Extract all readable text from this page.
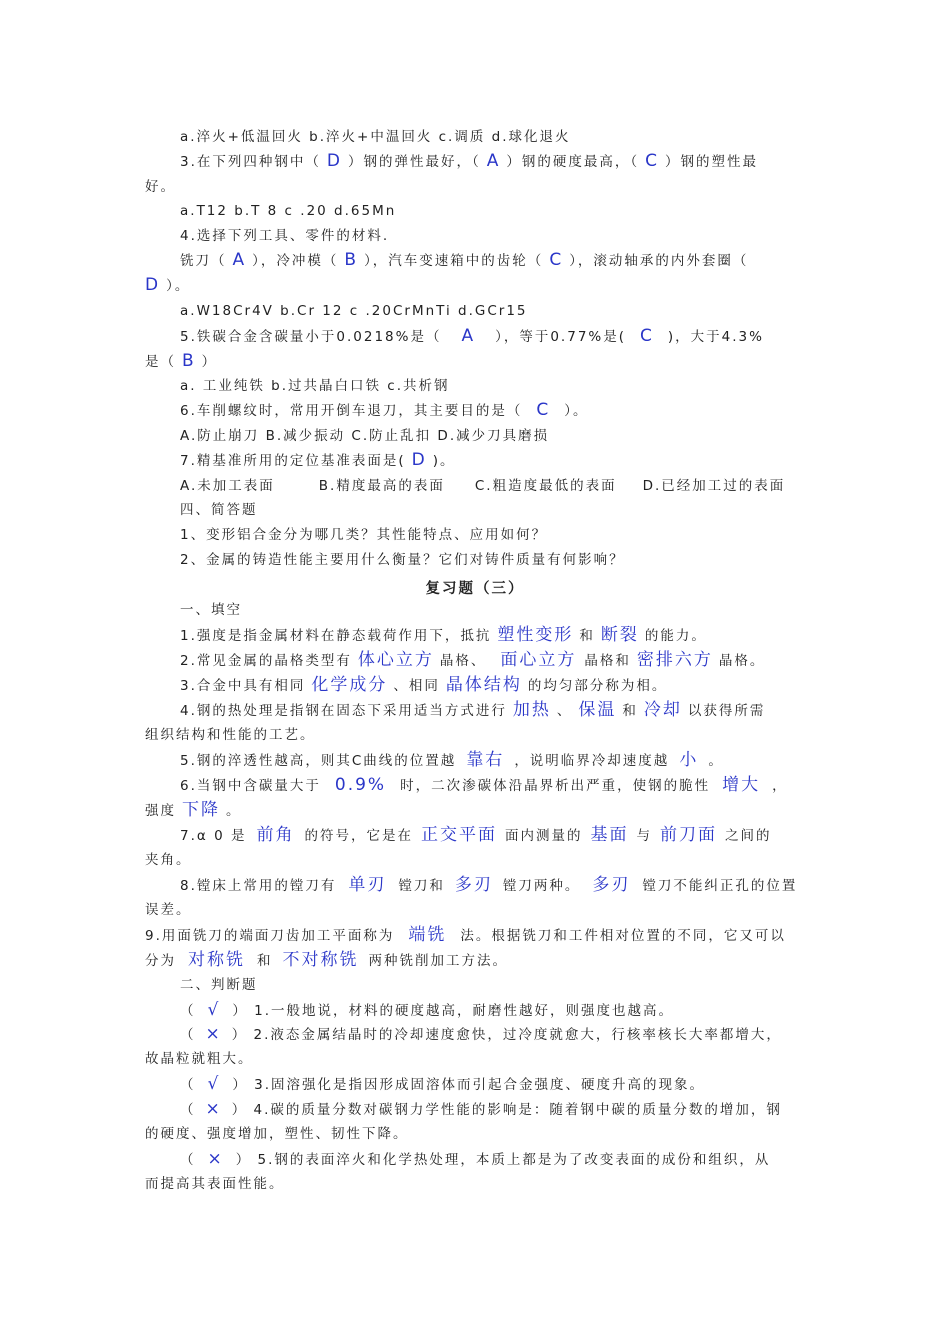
a.淬火+低温回火 b.淬火+中温回火 c.调质 d.球化退火
3.在下列四种钢中（ D ）钢的弹性最好，（ A ）钢的硬度最高，（ C ）钢的塑性最
好。
a.T12 b.T 8 c .20 d.65Mn
4.选择下列工具、零件的材料.
铣刀（ A ），冷冲模（ B ），汽车变速箱中的齿轮（ C ），滚动轴承的内外套圈（
D ）。
a.W18Cr4V b.Cr 12 c .20CrMnTi d.GCr15
5.铁碳合金含碳量小于0.0218%是（ A ），等于0.77%是( C )，大于4.3%
是（ B ）
a. 工业纯铁 b.过共晶白口铁 c.共析钢
6.车削螺纹时，常用开倒车退刀，其主要目的是（ C ）。
A.防止崩刀 B.减少振动 C.防止乱扣 D.减少刀具磨损
7.精基准所用的定位基准表面是( D )。
A.未加工表面	B.精度最高的表面 C.粗造度最低的表面 D.已经加工过的表面
四、简答题
1、变形铝合金分为哪几类？其性能特点、应用如何？
2、金属的铸造性能主要用什么衡量？它们对铸件质量有何影响？
复习题（三）
一、填空
1.强度是指金属材料在静态载荷作用下，抵抗 塑性变形 和 断裂 的能力。
2.常见金属的晶格类型有 体心立方 晶格、 面心立方 晶格和 密排六方 晶格。
3.合金中具有相同 化学成分 、相同 晶体结构 的均匀部分称为相。
4.钢的热处理是指钢在固态下采用适当方式进行 加热 、 保温 和 冷却 以获得所需
组织结构和性能的工艺。
5.钢的淬透性越高，则其C曲线的位置越 靠右 ，说明临界冷却速度越 小 。
6.当钢中含碳量大于 0.9% 时，二次渗碳体沿晶界析出严重，使钢的脆性 增大 ，
强度 下降 。
7.α 0 是 前角 的符号，它是在 正交平面 面内测量的 基面 与 前刀面 之间的
夹角。
8.镗床上常用的镗刀有 单刃 镗刀和 多刃 镗刀两种。 多刃 镗刀不能纠正孔的位置
误差。
9.用面铣刀的端面刀齿加工平面称为 端铣 法。根据铣刀和工件相对位置的不同，它又可以
分为 对称铣 和 不对称铣 两种铣削加工方法。
二、判断题
（ √ ） 1.一般地说，材料的硬度越高，耐磨性越好，则强度也越高。
（ × ） 2.液态金属结晶时的冷却速度愈快，过冷度就愈大，行核率核长大率都增大，
故晶粒就粗大。
（ √ ） 3.固溶强化是指因形成固溶体而引起合金强度、硬度升高的现象。
（ × ） 4.碳的质量分数对碳钢力学性能的影响是：随着钢中碳的质量分数的增加，钢
的硬度、强度增加，塑性、韧性下降。
（ × ） 5.钢的表面淬火和化学热处理，本质上都是为了改变表面的成份和组织，从
而提高其表面性能。
